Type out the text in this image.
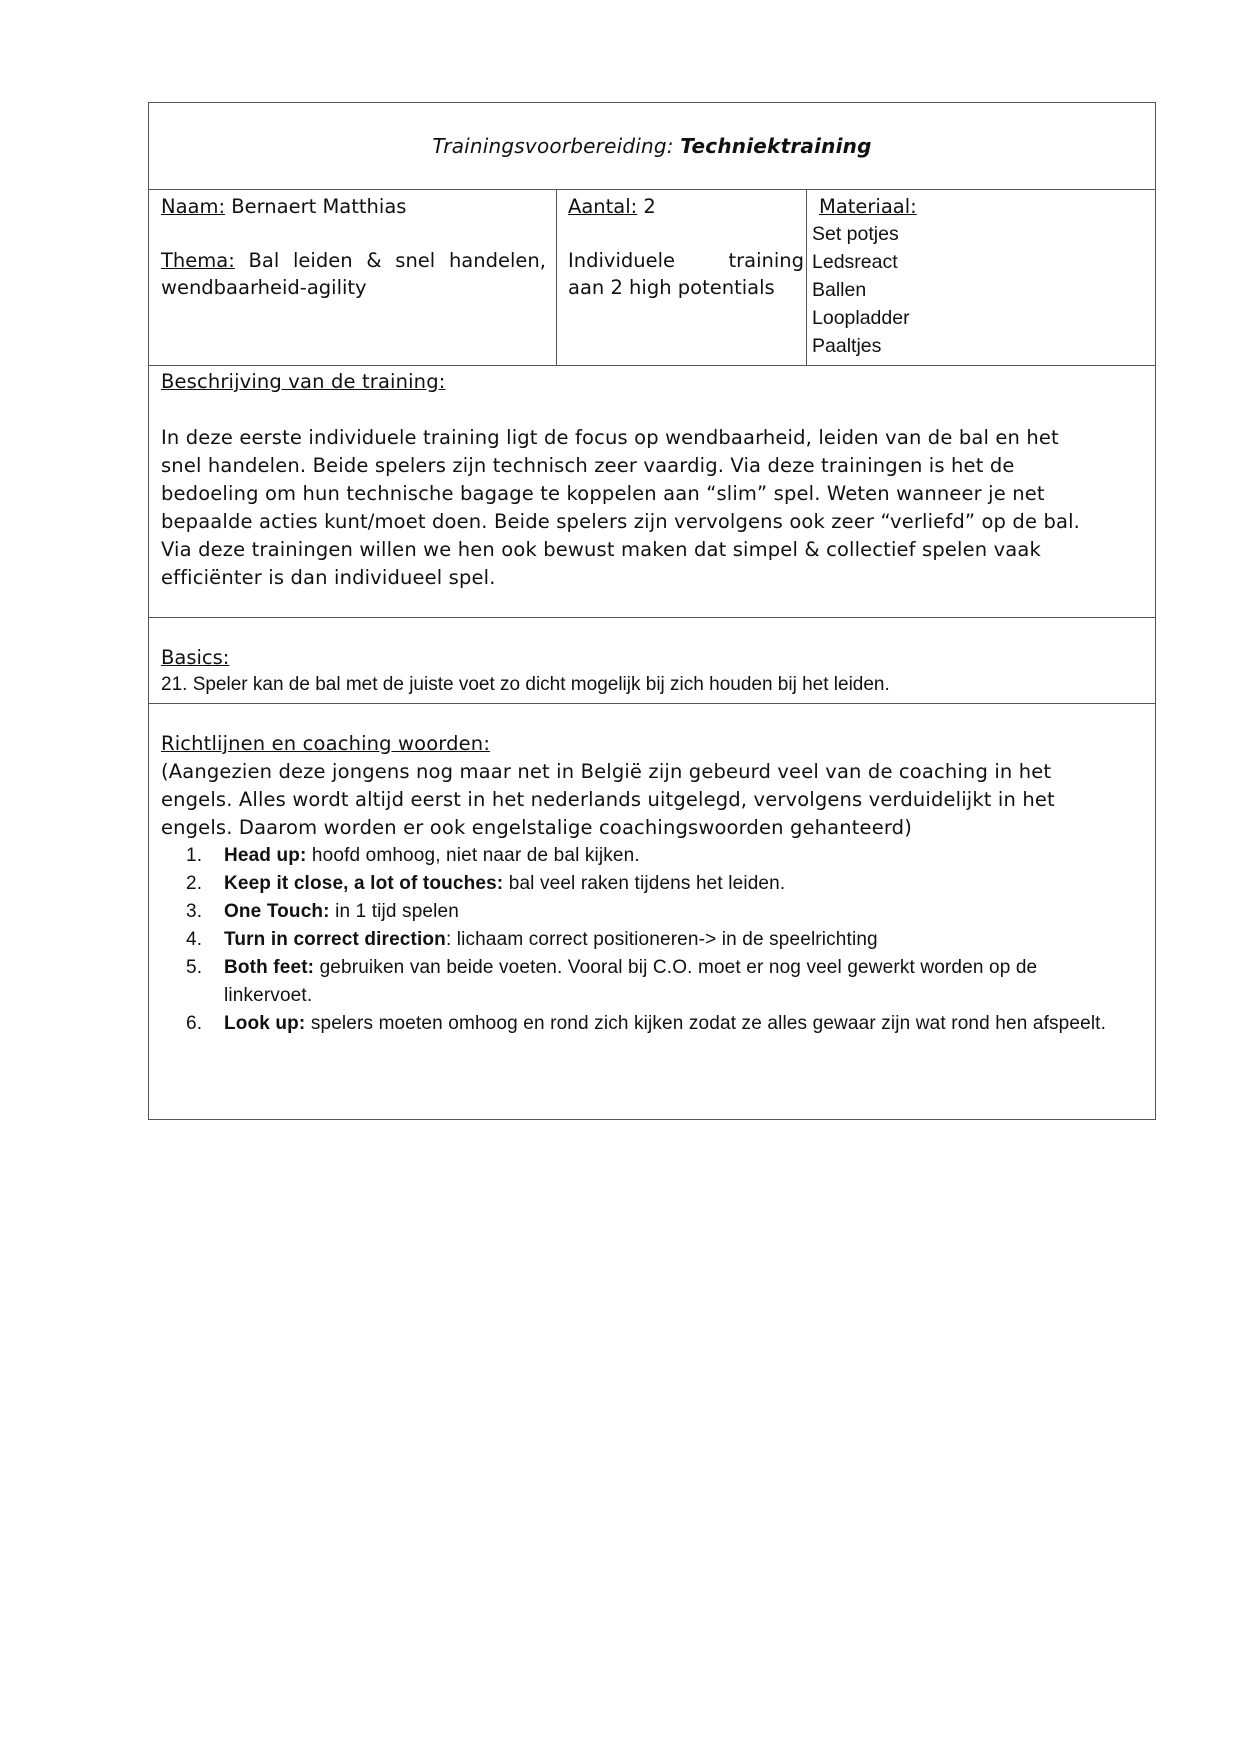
Trainingsvoorbereiding:
Techniektraining
Naam: Bernaert Matthias
Thema: Bal leiden & snel handelen,
wendbaarheid-agility
Aantal: 2
Individuele	training
aan 2 high potentials
Materiaal:
Set potjes
Ledsreact
Ballen
Loopladder
Paaltjes
Beschrijving van de training:
In deze eerste individuele training ligt de focus op wendbaarheid, leiden van de bal en het
snel handelen. Beide spelers zijn technisch zeer vaardig. Via deze trainingen is het de
bedoeling om hun technische bagage te koppelen aan “slim” spel. Weten wanneer je net
bepaalde acties kunt/moet doen. Beide spelers zijn vervolgens ook zeer “verliefd” op de bal.
Via deze trainingen willen we hen ook bewust maken dat simpel & collectief spelen vaak
efficiënter is dan individueel spel.
Basics:
21. Speler kan de bal met de juiste voet zo dicht mogelijk bij zich houden bij het leiden.
Richtlijnen en coaching woorden:
(Aangezien deze jongens nog maar net in België zijn gebeurd veel van de coaching in het
engels. Alles wordt altijd eerst in het nederlands uitgelegd, vervolgens verduidelijkt in het
engels. Daarom worden er ook engelstalige coachingswoorden gehanteerd)
1.	Head up: hoofd omhoog, niet naar de bal kijken.
2.	Keep it close, a lot of touches: bal veel raken tijdens het leiden.
3.	One Touch: in 1 tijd spelen
4.	Turn in correct direction: lichaam correct positioneren-> in de speelrichting
5.	Both feet: gebruiken van beide voeten. Vooral bij C.O. moet er nog veel gewerkt worden op de linkervoet.
6.	Look up: spelers moeten omhoog en rond zich kijken zodat ze alles gewaar zijn wat rond hen afspeelt.
